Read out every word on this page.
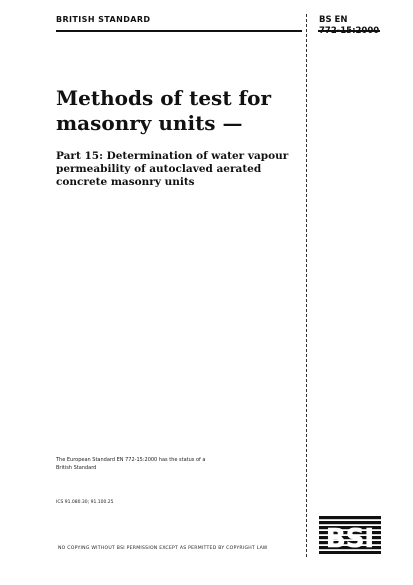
BRITISH STANDARD	BS EN
772-15:2000
Methods of test for
masonry units —
Part 15: Determination of water vapour
permeability of autoclaved aerated
concrete masonry units
The European Standard EN 772-15:2000 has the status of a
British Standard
ICS 91.080.30; 91.100.25
NO COPYING WITHOUT BSI PERMISSION EXCEPT AS PERMITTED BY COPYRIGHT LAW BSI
